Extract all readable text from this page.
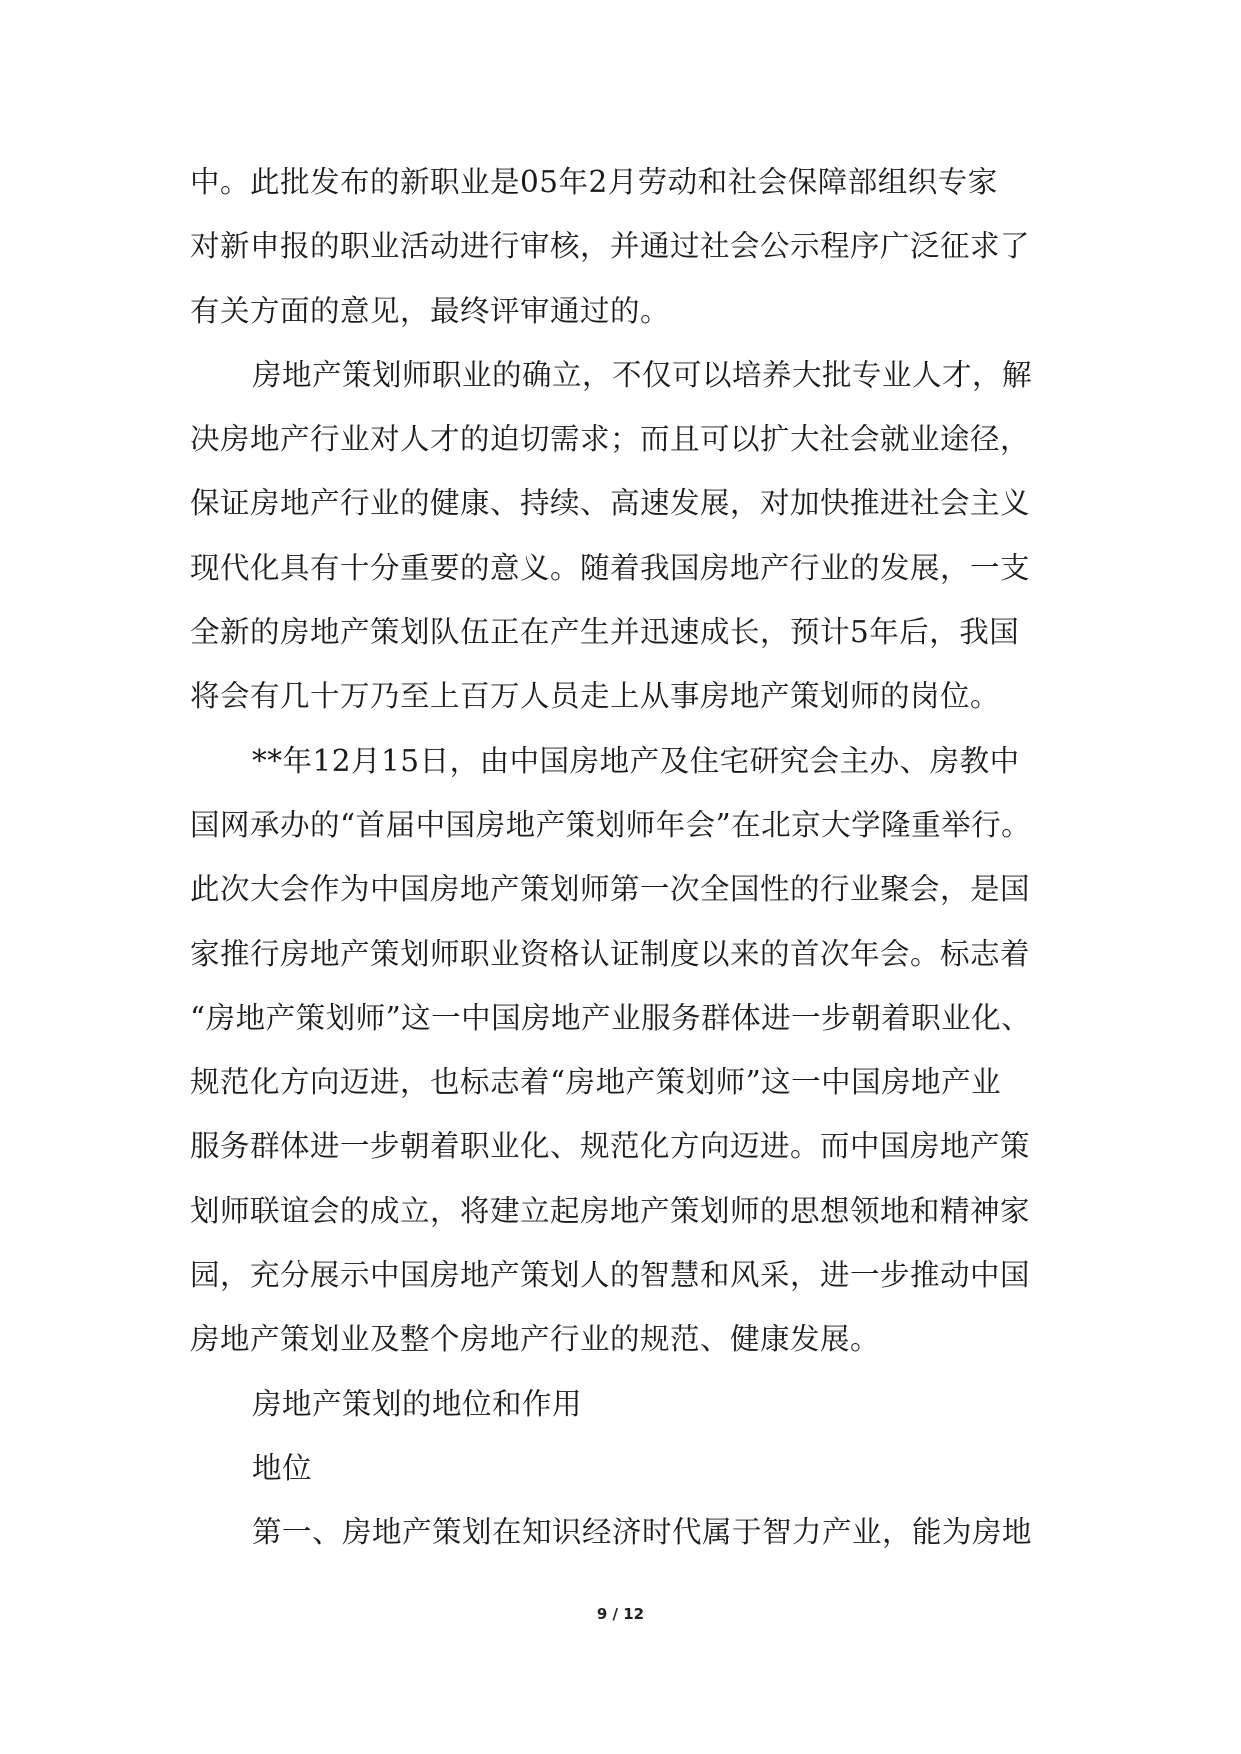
中。此批发布的新职业是05年2月劳动和社会保障部组织专家
对新申报的职业活动进行审核，并通过社会公示程序广泛征求了
有关方面的意见，最终评审通过的。
房地产策划师职业的确立，不仅可以培养大批专业人才，解
决房地产行业对人才的迫切需求；而且可以扩大社会就业途径，
保证房地产行业的健康、持续、高速发展，对加快推进社会主义
现代化具有十分重要的意义。随着我国房地产行业的发展，一支
全新的房地产策划队伍正在产生并迅速成长，预计5年后，我国
将会有几十万乃至上百万人员走上从事房地产策划师的岗位。
**年12月15日，由中国房地产及住宅研究会主办、房教中
国网承办的“首届中国房地产策划师年会”在北京大学隆重举行。
此次大会作为中国房地产策划师第一次全国性的行业聚会，是国
家推行房地产策划师职业资格认证制度以来的首次年会。标志着
“房地产策划师”这一中国房地产业服务群体进一步朝着职业化、
规范化方向迈进，也标志着“房地产策划师”这一中国房地产业
服务群体进一步朝着职业化、规范化方向迈进。而中国房地产策
划师联谊会的成立，将建立起房地产策划师的思想领地和精神家
园，充分展示中国房地产策划人的智慧和风采，进一步推动中国
房地产策划业及整个房地产行业的规范、健康发展。
房地产策划的地位和作用
地位
第一、房地产策划在知识经济时代属于智力产业，能为房地

9 / 12
